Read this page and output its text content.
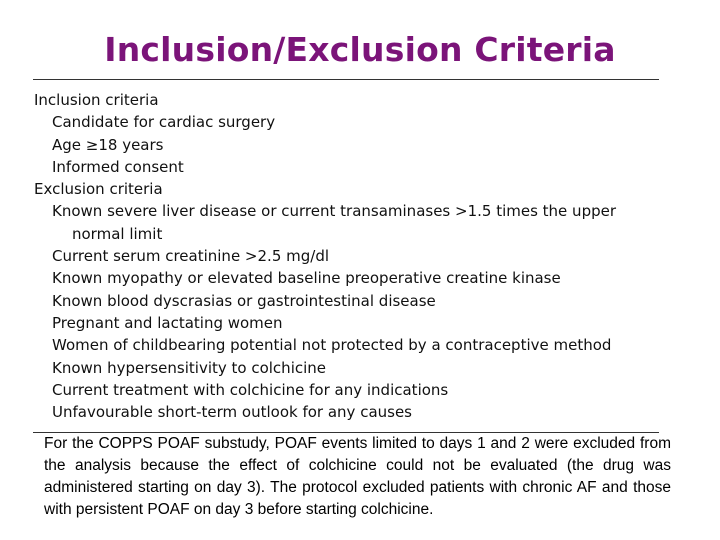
Inclusion/Exclusion Criteria
Inclusion criteria
Candidate for cardiac surgery
Age ≥18 years
Informed consent
Exclusion criteria
Known severe liver disease or current transaminases >1.5 times the upper
normal limit
Current serum creatinine >2.5 mg/dl
Known myopathy or elevated baseline preoperative creatine kinase
Known blood dyscrasias or gastrointestinal disease
Pregnant and lactating women
Women of childbearing potential not protected by a contraceptive method
Known hypersensitivity to colchicine
Current treatment with colchicine for any indications
Unfavourable short-term outlook for any causes

For the COPPS POAF substudy, POAF events limited to days 1 and 2 were excluded from the analysis because the effect of colchicine could not be evaluated (the drug was administered starting on day 3). The protocol excluded patients with chronic AF and those with persistent POAF on day 3 before starting colchicine.
